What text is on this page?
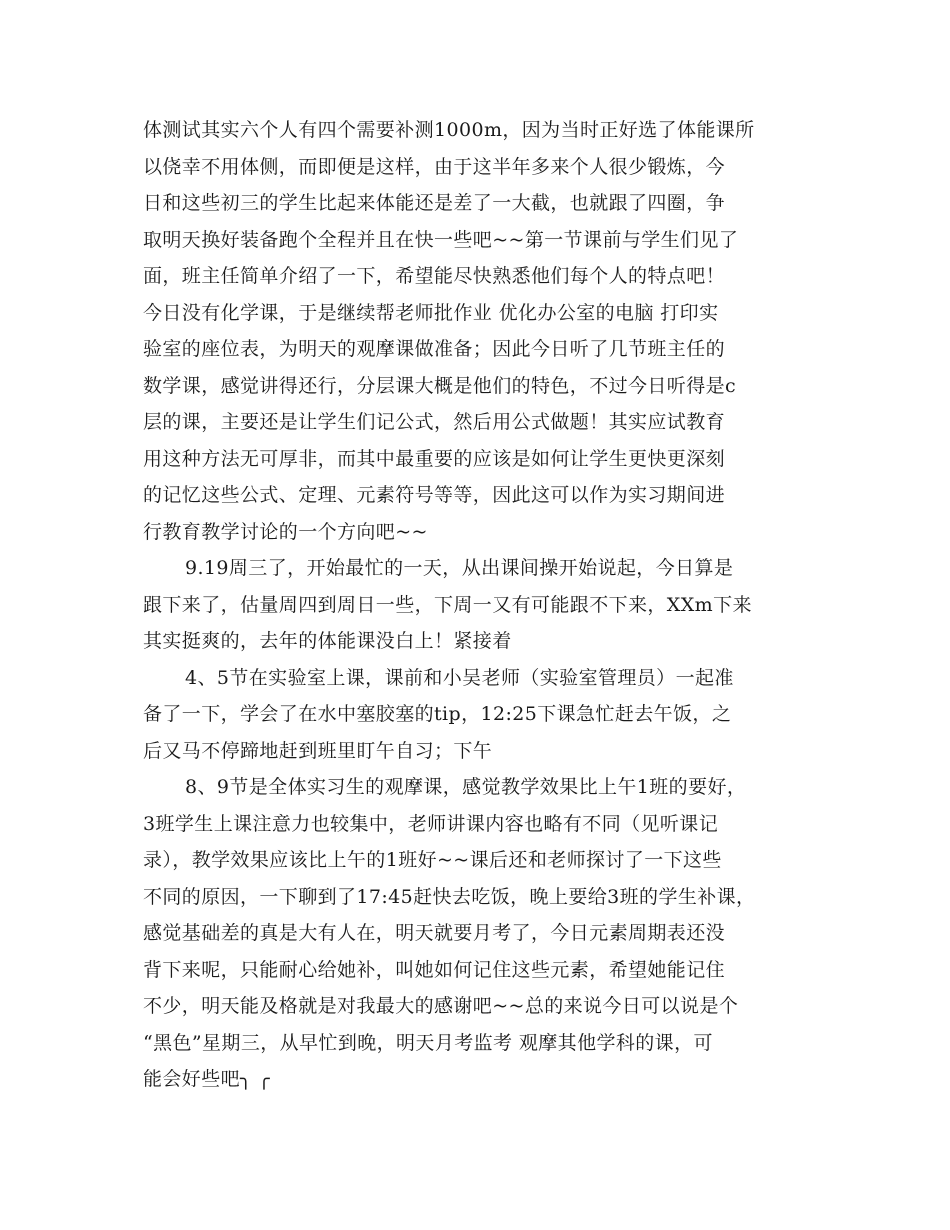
体测试其实六个人有四个需要补测1000m，因为当时正好选了体能课所
以侥幸不用体侧，而即便是这样，由于这半年多来个人很少锻炼，今
日和这些初三的学生比起来体能还是差了一大截，也就跟了四圈，争
取明天换好装备跑个全程并且在快一些吧~~第一节课前与学生们见了
面，班主任简单介绍了一下，希望能尽快熟悉他们每个人的特点吧！
今日没有化学课，于是继续帮老师批作业 优化办公室的电脑 打印实
验室的座位表，为明天的观摩课做准备；因此今日听了几节班主任的
数学课，感觉讲得还行，分层课大概是他们的特色，不过今日听得是c
层的课，主要还是让学生们记公式，然后用公式做题！其实应试教育
用这种方法无可厚非，而其中最重要的应该是如何让学生更快更深刻
的记忆这些公式、定理、元素符号等等，因此这可以作为实习期间进
行教育教学讨论的一个方向吧~~
9.19周三了，开始最忙的一天，从出课间操开始说起，今日算是
跟下来了，估量周四到周日一些，下周一又有可能跟不下来，XXm下来
其实挺爽的，去年的体能课没白上！紧接着
4、5节在实验室上课，课前和小吴老师（实验室管理员）一起准
备了一下，学会了在水中塞胶塞的tip，12:25下课急忙赶去午饭，之
后又马不停蹄地赶到班里盯午自习；下午
8、9节是全体实习生的观摩课，感觉教学效果比上午1班的要好，
3班学生上课注意力也较集中，老师讲课内容也略有不同（见听课记
录），教学效果应该比上午的1班好~~课后还和老师探讨了一下这些
不同的原因，一下聊到了17:45赶快去吃饭，晚上要给3班的学生补课，
感觉基础差的真是大有人在，明天就要月考了，今日元素周期表还没
背下来呢，只能耐心给她补，叫她如何记住这些元素，希望她能记住
不少，明天能及格就是对我最大的感谢吧~~总的来说今日可以说是个
“黑色”星期三，从早忙到晚，明天月考监考 观摩其他学科的课，可
能会好些吧╮ ╭
